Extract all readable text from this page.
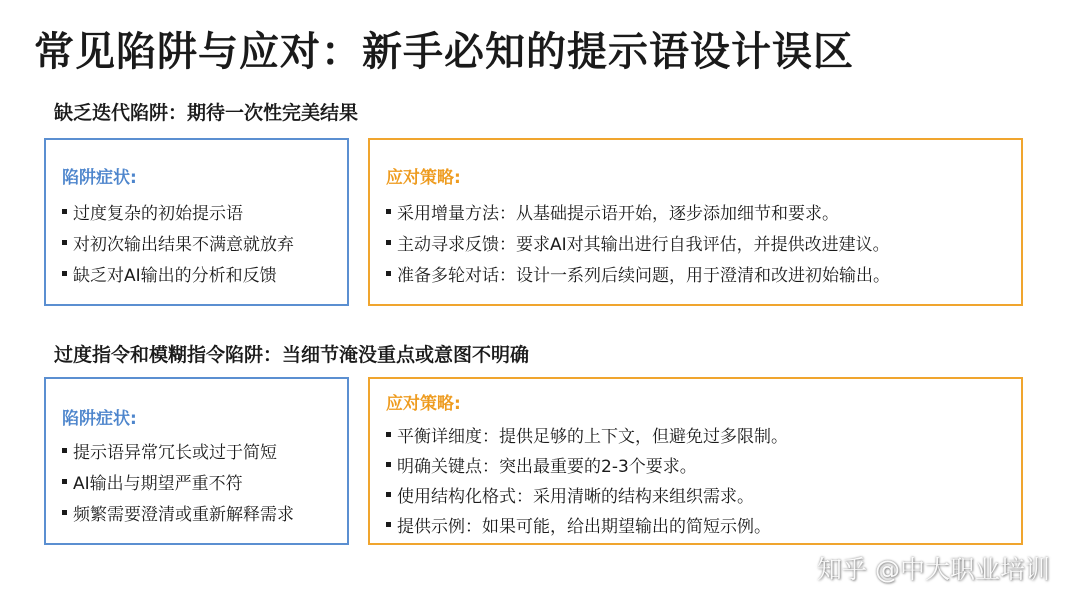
常见陷阱与应对：新手必知的提示语设计误区
缺乏迭代陷阱：期待一次性完美结果
陷阱症状:
过度复杂的初始提示语
对初次输出结果不满意就放弃
缺乏对AI输出的分析和反馈
应对策略:
采用增量方法：从基础提示语开始，逐步添加细节和要求。
主动寻求反馈：要求AI对其输出进行自我评估，并提供改进建议。
准备多轮对话：设计一系列后续问题，用于澄清和改进初始输出。
过度指令和模糊指令陷阱：当细节淹没重点或意图不明确
陷阱症状:
提示语异常冗长或过于简短
AI输出与期望严重不符
频繁需要澄清或重新解释需求
应对策略:
平衡详细度：提供足够的上下文，但避免过多限制。
明确关键点：突出最重要的2-3个要求。
使用结构化格式：采用清晰的结构来组织需求。
提供示例：如果可能，给出期望输出的简短示例。
知乎 @中大职业培训
